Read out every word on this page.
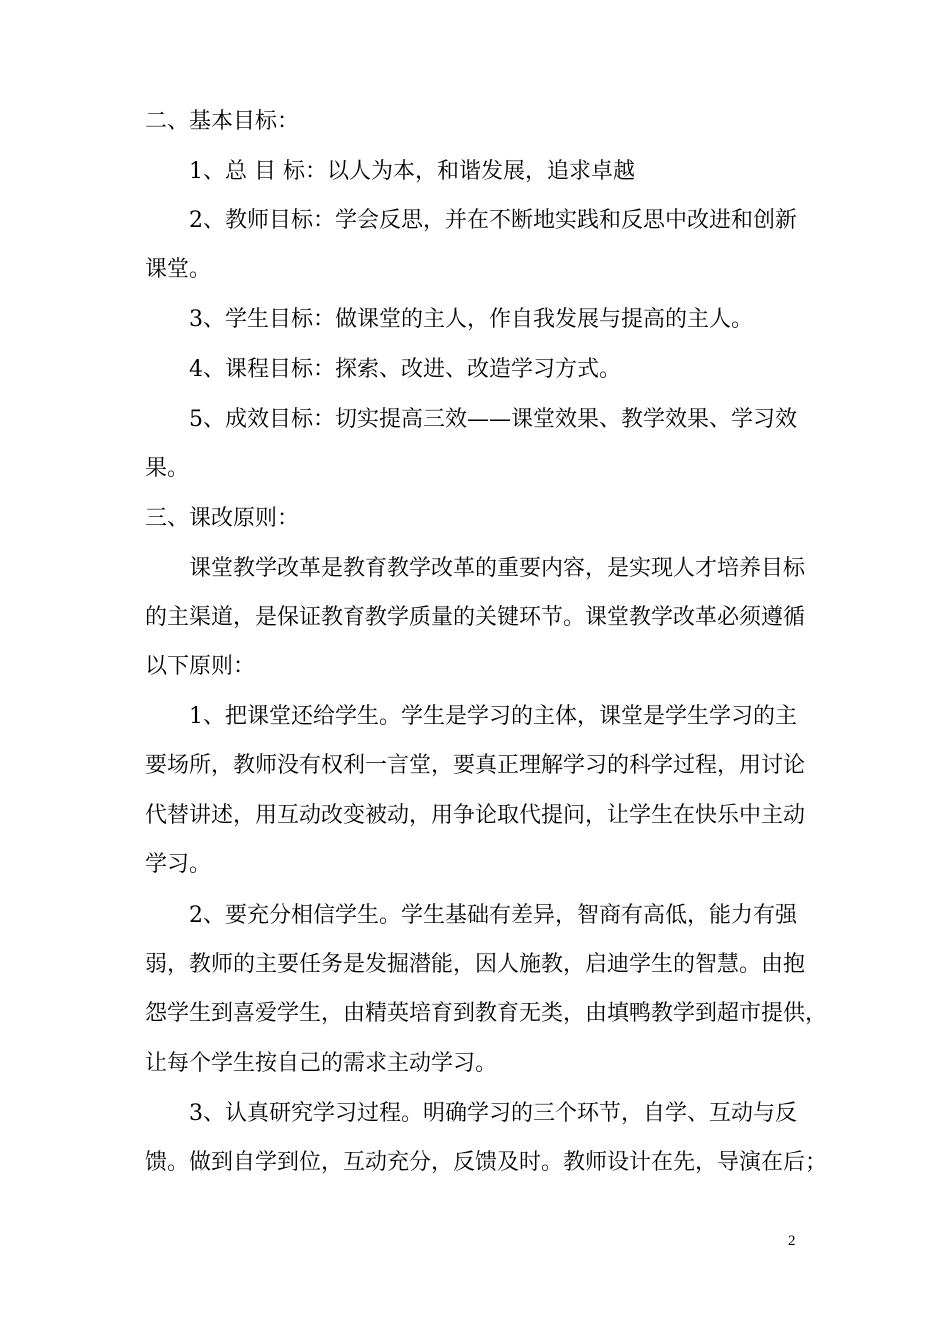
二、基本目标：
1、总 目 标：以人为本，和谐发展，追求卓越
2、教师目标：学会反思，并在不断地实践和反思中改进和创新
课堂。
3、学生目标：做课堂的主人，作自我发展与提高的主人。
4、课程目标：探索、改进、改造学习方式。
5、成效目标：切实提高三效——课堂效果、教学效果、学习效
果。
三、课改原则：
课堂教学改革是教育教学改革的重要内容，是实现人才培养目标
的主渠道，是保证教育教学质量的关键环节。课堂教学改革必须遵循
以下原则：
1、把课堂还给学生。学生是学习的主体，课堂是学生学习的主
要场所，教师没有权利一言堂，要真正理解学习的科学过程，用讨论
代替讲述，用互动改变被动，用争论取代提问，让学生在快乐中主动
学习。
2、要充分相信学生。学生基础有差异，智商有高低，能力有强
弱，教师的主要任务是发掘潜能，因人施教，启迪学生的智慧。由抱
怨学生到喜爱学生，由精英培育到教育无类，由填鸭教学到超市提供，
让每个学生按自己的需求主动学习。
3、认真研究学习过程。明确学习的三个环节，自学、互动与反
馈。做到自学到位，互动充分，反馈及时。教师设计在先，导演在后；
2
